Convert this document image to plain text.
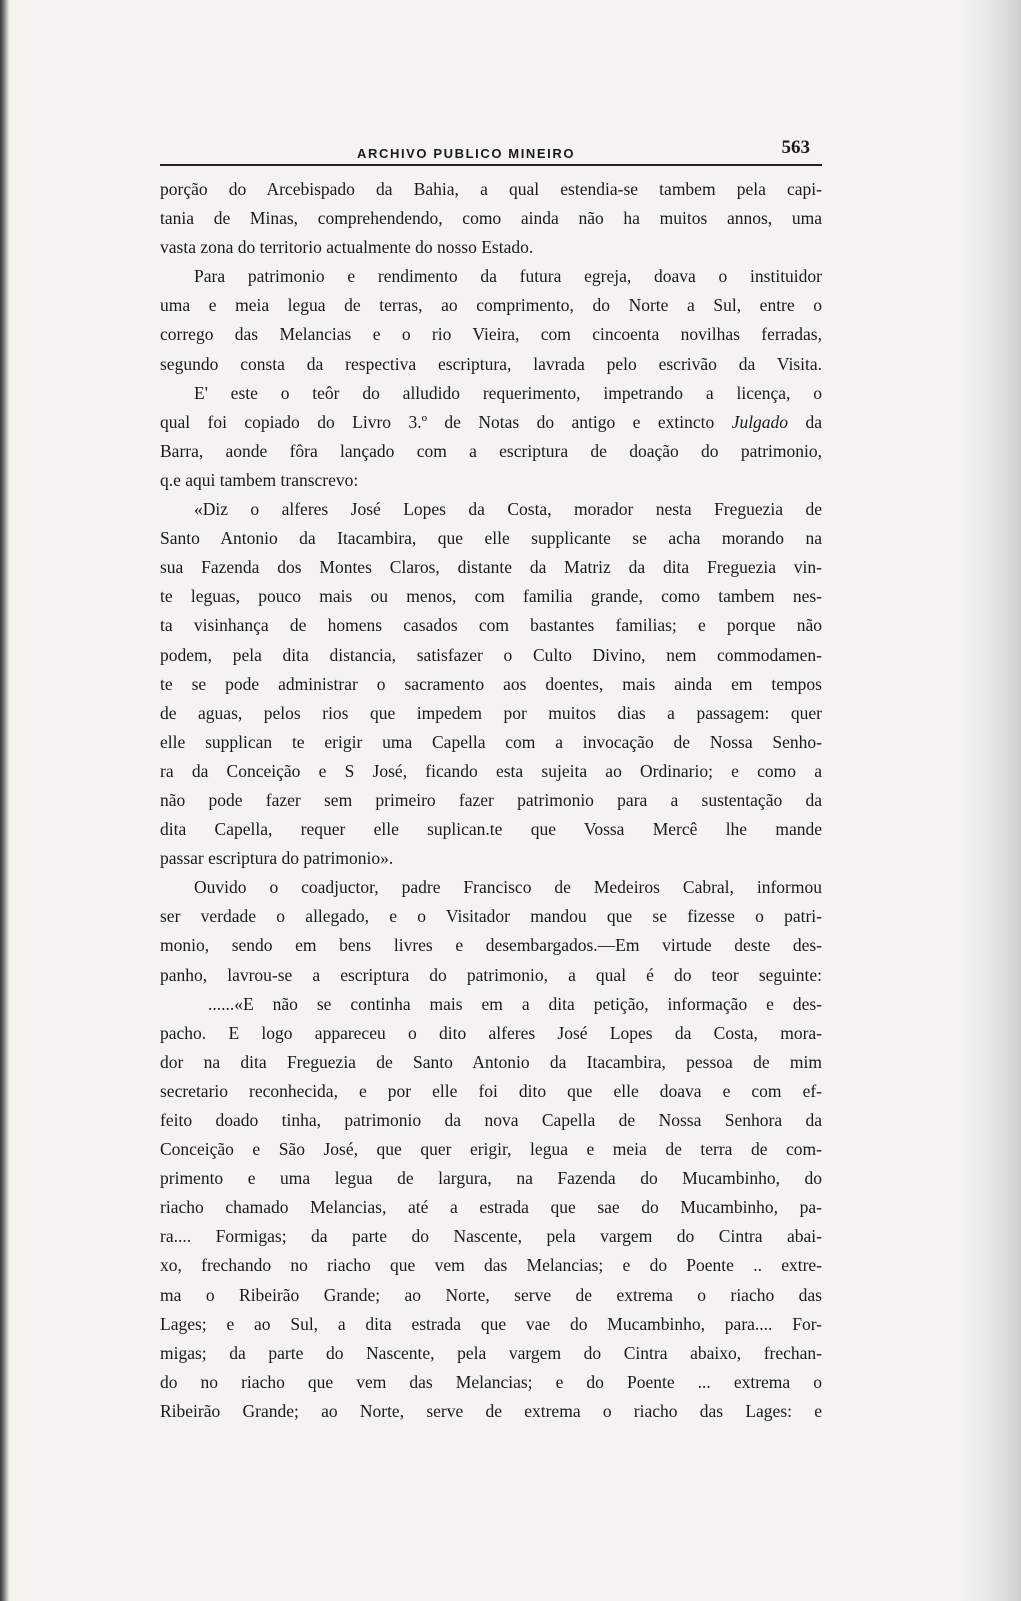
ARCHIVO PUBLICO MINEIRO	563
porção do Arcebispado da Bahia, a qual estendia-se tambem pela capi-
tania de Minas, comprehendendo, como ainda não ha muitos annos, uma
vasta zona do territorio actualmente do nosso Estado.
Para patrimonio e rendimento da futura egreja, doava o instituidor
uma e meia legua de terras, ao comprimento, do Norte a Sul, entre o
corrego das Melancias e o rio Vieira, com cincoenta novilhas ferradas,
segundo consta da respectiva escriptura, lavrada pelo escrivão da Visita.
E' este o teôr do alludido requerimento, impetrando a licença, o
qual foi copiado do Livro 3.º de Notas do antigo e extincto Julgado da
Barra, aonde fôra lançado com a escriptura de doação do patrimonio,
q.e aqui tambem transcrevo:
«Diz o alferes José Lopes da Costa, morador nesta Freguezia de
Santo Antonio da Itacambira, que elle supplicante se acha morando na
sua Fazenda dos Montes Claros, distante da Matriz da dita Freguezia vin-
te leguas, pouco mais ou menos, com familia grande, como tambem nes-
ta visinhança de homens casados com bastantes familias; e porque não
podem, pela dita distancia, satisfazer o Culto Divino, nem commodamen-
te se pode administrar o sacramento aos doentes, mais ainda em tempos
de aguas, pelos rios que impedem por muitos dias a passagem: quer
elle supplican te erigir uma Capella com a invocação de Nossa Senho-
ra da Conceição e S José, ficando esta sujeita ao Ordinario; e como a
não pode fazer sem primeiro fazer patrimonio para a sustentação da
dita Capella, requer elle suplican.te que Vossa Mercê lhe mande
passar escriptura do patrimonio».
Ouvido o coadjuctor, padre Francisco de Medeiros Cabral, informou
ser verdade o allegado, e o Visitador mandou que se fizesse o patri-
monio, sendo em bens livres e desembargados.—Em virtude deste des-
panho, lavrou-se a escriptura do patrimonio, a qual é do teor seguinte:
......«E não se continha mais em a dita petição, informação e des-
pacho. E logo appareceu o dito alferes José Lopes da Costa, mora-
dor na dita Freguezia de Santo Antonio da Itacambira, pessoa de mim
secretario reconhecida, e por elle foi dito que elle doava e com ef-
feito doado tinha, patrimonio da nova Capella de Nossa Senhora da
Conceição e São José, que quer erigir, legua e meia de terra de com-
primento e uma legua de largura, na Fazenda do Mucambinho, do
riacho chamado Melancias, até a estrada que sae do Mucambinho, pa-
ra.... Formigas; da parte do Nascente, pela vargem do Cintra abai-
xo, frechando no riacho que vem das Melancias; e do Poente .. extre-
ma o Ribeirão Grande; ao Norte, serve de extrema o riacho das
Lages; e ao Sul, a dita estrada que vae do Mucambinho, para.... For-
migas; da parte do Nascente, pela vargem do Cintra abaixo, frechan-
do no riacho que vem das Melancias; e do Poente ... extrema o
Ribeirão Grande; ao Norte, serve de extrema o riacho das Lages: e
